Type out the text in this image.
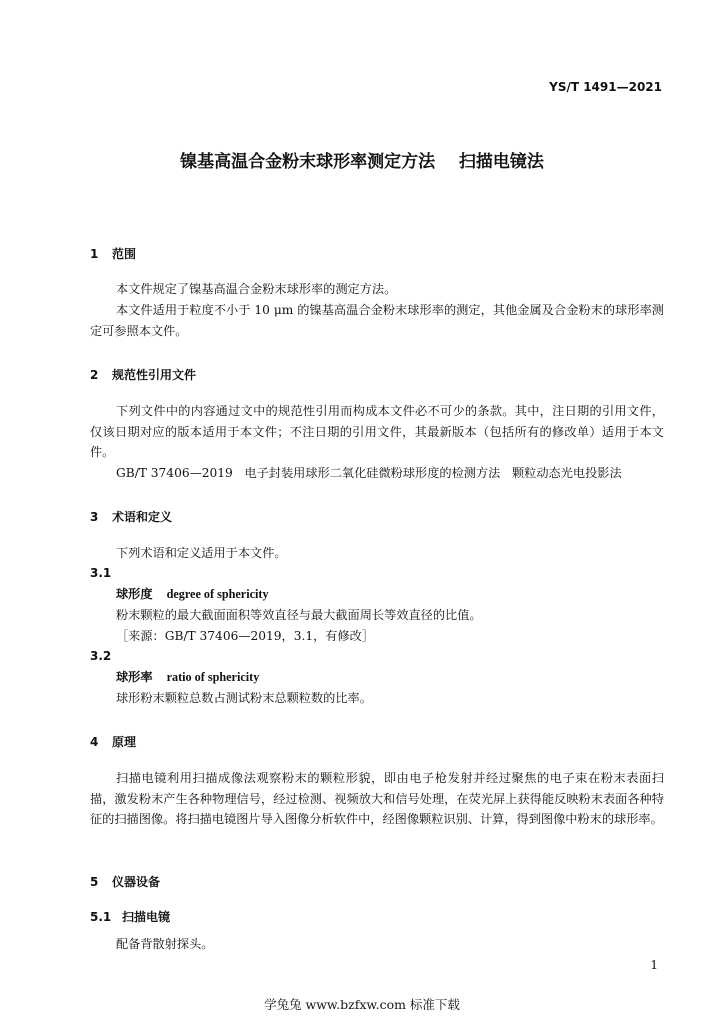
YS/T 1491—2021
镍基高温合金粉末球形率测定方法    扫描电镜法
1 范围
本文件规定了镍基高温合金粉末球形率的测定方法。
本文件适用于粒度不小于 10 μm 的镍基高温合金粉末球形率的测定，其他金属及合金粉末的球形率测定可参照本文件。
2 规范性引用文件
下列文件中的内容通过文中的规范性引用而构成本文件必不可少的条款。其中，注日期的引用文件，仅该日期对应的版本适用于本文件；不注日期的引用文件，其最新版本（包括所有的修改单）适用于本文件。
GB/T 37406—2019   电子封装用球形二氧化硅微粉球形度的检测方法   颗粒动态光电投影法
3 术语和定义
下列术语和定义适用于本文件。
3.1
球形度 degree of sphericity
粉末颗粒的最大截面面积等效直径与最大截面周长等效直径的比值。
［来源：GB/T 37406—2019，3.1，有修改］
3.2
球形率 ratio of sphericity
球形粉末颗粒总数占测试粉末总颗粒数的比率。
4 原理
扫描电镜利用扫描成像法观察粉末的颗粒形貌，即由电子枪发射并经过聚焦的电子束在粉末表面扫描，激发粉末产生各种物理信号，经过检测、视频放大和信号处理，在荧光屏上获得能反映粉末表面各种特征的扫描图像。将扫描电镜图片导入图像分析软件中，经图像颗粒识别、计算，得到图像中粉末的球形率。
5 仪器设备
5.1 扫描电镜
配备背散射探头。
1
学兔兔 www.bzfxw.com 标准下载
